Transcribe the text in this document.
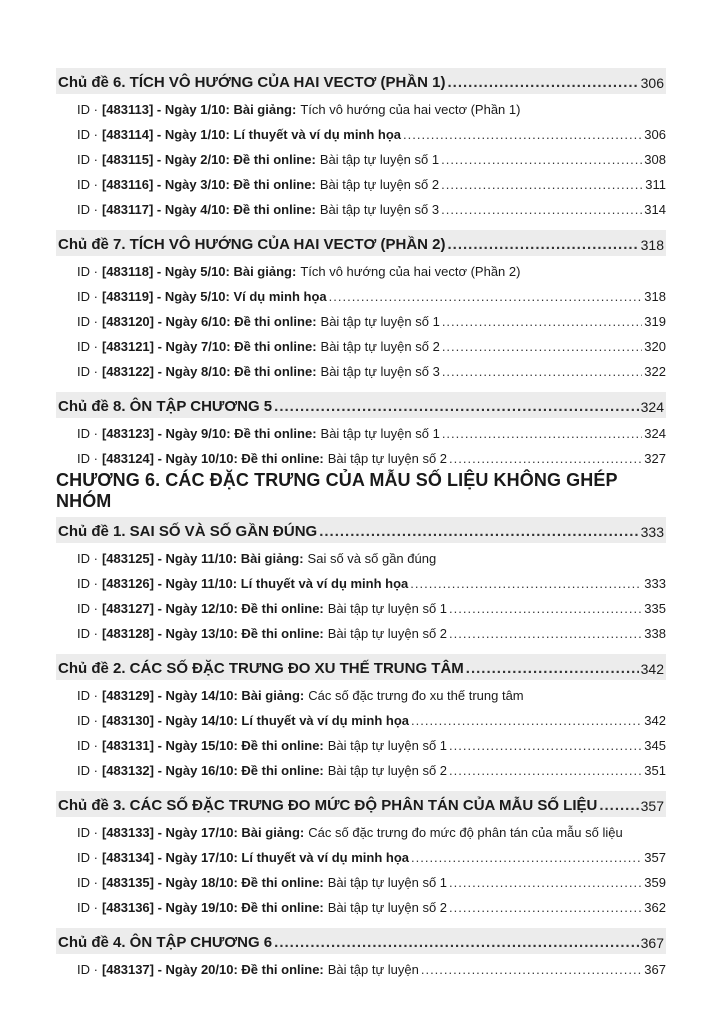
Chủ đề 6. TÍCH VÔ HƯỚNG CỦA HAI VECTƠ (PHẦN 1) .....	306
ID · [483113] - Ngày 1/10: Bài giảng: Tích vô hướng của hai vectơ (Phần 1)
ID · [483114] - Ngày 1/10: Lí thuyết và ví dụ minh họa .....	306
ID · [483115] - Ngày 2/10: Đề thi online: Bài tập tự luyện số 1 .....	308
ID · [483116] - Ngày 3/10: Đề thi online: Bài tập tự luyện số 2 .....	311
ID · [483117] - Ngày 4/10: Đề thi online: Bài tập tự luyện số 3 .....	314
Chủ đề 7. TÍCH VÔ HƯỚNG CỦA HAI VECTƠ (PHẦN 2) .....	318
ID · [483118] - Ngày 5/10: Bài giảng: Tích vô hướng của hai vectơ (Phần 2)
ID · [483119] - Ngày 5/10: Ví dụ minh họa .....	318
ID · [483120] - Ngày 6/10: Đề thi online: Bài tập tự luyện số 1 .....	319
ID · [483121] - Ngày 7/10: Đề thi online: Bài tập tự luyện số 2 .....	320
ID · [483122] - Ngày 8/10: Đề thi online: Bài tập tự luyện số 3 .....	322
Chủ đề 8. ÔN TẬP CHƯƠNG 5 .....	324
ID · [483123] - Ngày 9/10: Đề thi online: Bài tập tự luyện số 1 .....	324
ID · [483124] - Ngày 10/10: Đề thi online: Bài tập tự luyện số 2 .....	327
CHƯƠNG 6. CÁC ĐẶC TRƯNG CỦA MẪU SỐ LIỆU KHÔNG GHÉP NHÓM
Chủ đề 1. SAI SỐ VÀ SỐ GẦN ĐÚNG .....	333
ID · [483125] - Ngày 11/10: Bài giảng: Sai số và số gần đúng
ID · [483126] - Ngày 11/10: Lí thuyết và ví dụ minh họa .....	333
ID · [483127] - Ngày 12/10: Đề thi online: Bài tập tự luyện số 1 .....	335
ID · [483128] - Ngày 13/10: Đề thi online: Bài tập tự luyện số 2 .....	338
Chủ đề 2. CÁC SỐ ĐẶC TRƯNG ĐO XU THẾ TRUNG TÂM .....	342
ID · [483129] - Ngày 14/10: Bài giảng: Các số đặc trưng đo xu thế trung tâm
ID · [483130] - Ngày 14/10: Lí thuyết và ví dụ minh họa .....	342
ID · [483131] - Ngày 15/10: Đề thi online: Bài tập tự luyện số 1 .....	345
ID · [483132] - Ngày 16/10: Đề thi online: Bài tập tự luyện số 2 .....	351
Chủ đề 3. CÁC SỐ ĐẶC TRƯNG ĐO MỨC ĐỘ PHÂN TÁN CỦA MẪU SỐ LIỆU .....	357
ID · [483133] - Ngày 17/10: Bài giảng: Các số đặc trưng đo mức độ phân tán của mẫu số liệu
ID · [483134] - Ngày 17/10: Lí thuyết và ví dụ minh họa .....	357
ID · [483135] - Ngày 18/10: Đề thi online: Bài tập tự luyện số 1 .....	359
ID · [483136] - Ngày 19/10: Đề thi online: Bài tập tự luyện số 2 .....	362
Chủ đề 4. ÔN TẬP CHƯƠNG 6 .....	367
ID · [483137] - Ngày 20/10: Đề thi online: Bài tập tự luyện .....	367
